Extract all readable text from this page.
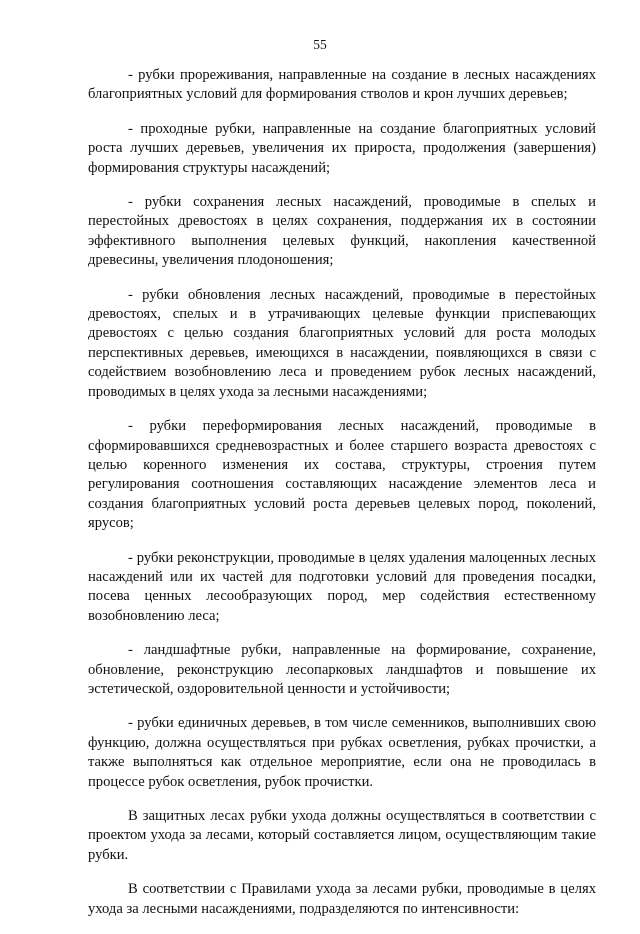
55

- рубки прореживания, направленные на создание в лесных насаждениях благоприятных условий для формирования стволов и крон лучших деревьев;

- проходные рубки, направленные на создание благоприятных условий роста лучших деревьев, увеличения их прироста, продолжения (завершения) формирования структуры насаждений;

- рубки сохранения лесных насаждений, проводимые в спелых и перестойных древостоях в целях сохранения, поддержания их в состоянии эффективного выполнения целевых функций, накопления качественной древесины, увеличения плодоношения;

- рубки обновления лесных насаждений, проводимые в перестойных древостоях, спелых и в утрачивающих целевые функции приспевающих древостоях с целью создания благоприятных условий для роста молодых перспективных деревьев, имеющихся в насаждении, появляющихся в связи с содействием возобновлению леса и проведением рубок лесных насаждений, проводимых в целях ухода за лесными насаждениями;

- рубки переформирования лесных насаждений, проводимые в сформировавшихся средневозрастных и более старшего возраста древостоях с целью коренного изменения их состава, структуры, строения путем регулирования соотношения составляющих насаждение элементов леса и создания благоприятных условий роста деревьев целевых пород, поколений, ярусов;

- рубки реконструкции, проводимые в целях удаления малоценных лесных насаждений или их частей для подготовки условий для проведения посадки, посева ценных лесообразующих пород, мер содействия естественному возобновлению леса;

- ландшафтные рубки, направленные на формирование, сохранение, обновление, реконструкцию лесопарковых ландшафтов и повышение их эстетической, оздоровительной ценности и устойчивости;

- рубки единичных деревьев, в том числе семенников, выполнивших свою функцию, должна осуществляться при рубках осветления, рубках прочистки, а также выполняться как отдельное мероприятие, если она не проводилась в процессе рубок осветления, рубок прочистки.

В защитных лесах рубки ухода должны осуществляться в соответствии с проектом ухода за лесами, который составляется лицом, осуществляющим такие рубки.

В соответствии с Правилами ухода за лесами рубки, проводимые в целях ухода за лесными насаждениями, подразделяются по интенсивности:
